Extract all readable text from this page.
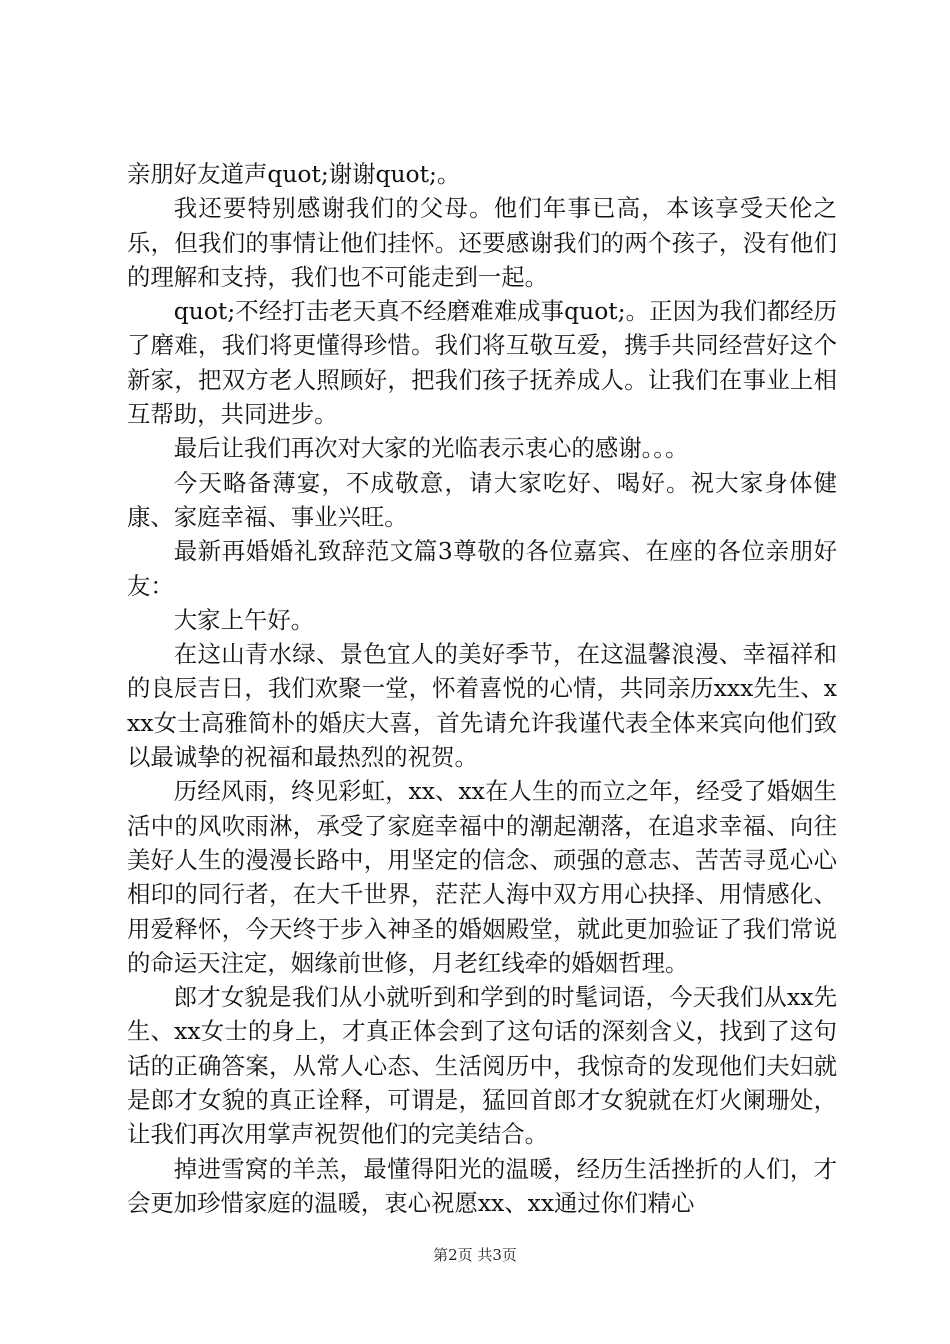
亲朋好友道声quot;谢谢quot;。

我还要特别感谢我们的父母。他们年事已高，本该享受天伦之乐，但我们的事情让他们挂怀。还要感谢我们的两个孩子，没有他们的理解和支持，我们也不可能走到一起。

quot;不经打击老天真不经磨难难成事quot;。正因为我们都经历了磨难，我们将更懂得珍惜。我们将互敬互爱，携手共同经营好这个新家，把双方老人照顾好，把我们孩子抚养成人。让我们在事业上相互帮助，共同进步。

最后让我们再次对大家的光临表示衷心的感谢。。。

今天略备薄宴，不成敬意，请大家吃好、喝好。祝大家身体健康、家庭幸福、事业兴旺。

最新再婚婚礼致辞范文篇3尊敬的各位嘉宾、在座的各位亲朋好友：

大家上午好。

在这山青水绿、景色宜人的美好季节，在这温馨浪漫、幸福祥和的良辰吉日，我们欢聚一堂，怀着喜悦的心情，共同亲历xxx先生、xxx女士高雅简朴的婚庆大喜，首先请允许我谨代表全体来宾向他们致以最诚挚的祝福和最热烈的祝贺。

历经风雨，终见彩虹，xx、xx在人生的而立之年，经受了婚姻生活中的风吹雨淋，承受了家庭幸福中的潮起潮落，在追求幸福、向往美好人生的漫漫长路中，用坚定的信念、顽强的意志、苦苦寻觅心心相印的同行者，在大千世界，茫茫人海中双方用心抉择、用情感化、用爱释怀，今天终于步入神圣的婚姻殿堂，就此更加验证了我们常说的命运天注定，姻缘前世修，月老红线牵的婚姻哲理。

郎才女貌是我们从小就听到和学到的时髦词语，今天我们从xx先生、xx女士的身上，才真正体会到了这句话的深刻含义，找到了这句话的正确答案，从常人心态、生活阅历中，我惊奇的发现他们夫妇就是郎才女貌的真正诠释，可谓是，猛回首郎才女貌就在灯火阑珊处，让我们再次用掌声祝贺他们的完美结合。

掉进雪窝的羊羔，最懂得阳光的温暖，经历生活挫折的人们，才会更加珍惜家庭的温暖，衷心祝愿xx、xx通过你们精心

第2页 共3页
